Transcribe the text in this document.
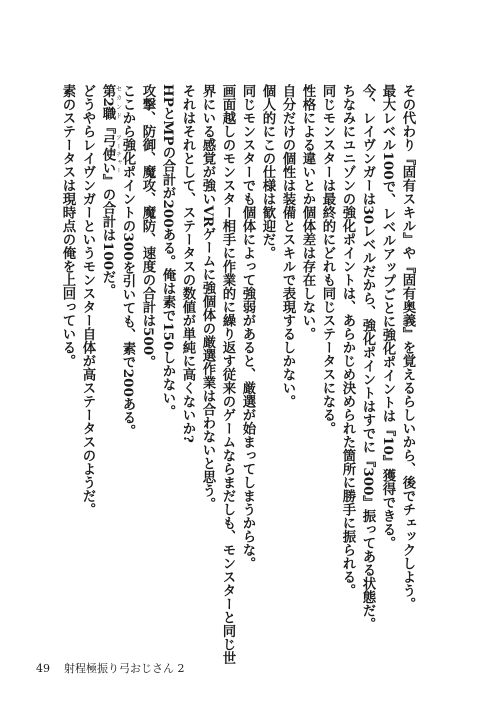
その代わり『固有スキル』や『固有奥義』を覚えるらしいから、後でチェックしよう。
最大レベル100で、レベルアップごとに強化ポイントは『10』獲得できる。
今、レイヴンガーは30レベルだから、強化ポイントはすでに『300』振ってある状態だ。
ちなみにユニゾンの強化ポイントは、あらかじめ決められた箇所に勝手に振られる。
同じモンスターは最終的にどれも同じステータスになる。
性格による違いとか個体差は存在しない。
自分だけの個性は装備とスキルで表現するしかない。
個人的にこの仕様は歓迎だ。
同じモンスターでも個体によって強弱があると、厳選が始まってしまうからな。
画面越しのモンスター相手に作業的に繰り返す従来のゲームならまだしも、モンスターと同じ世
界にいる感覚が強いVRゲームに強個体の厳選作業は合わないと思う。
それはそれとして、ステータスの数値が単純に高くないか?
HPとMPの合計が200ある。俺は素で150しかない。
攻撃、防御、魔攻、魔防、速度の合計は500。
ここから強化ポイントの300を引いても、素で200ある。
第2職セカンド『弓使いアーチャー』の合計は100だ。
どうやらレイヴンガーというモンスター自体が高ステータスのようだ。
素のステータスは現時点の俺を上回っている。
49 射程極振り弓おじさん 2
